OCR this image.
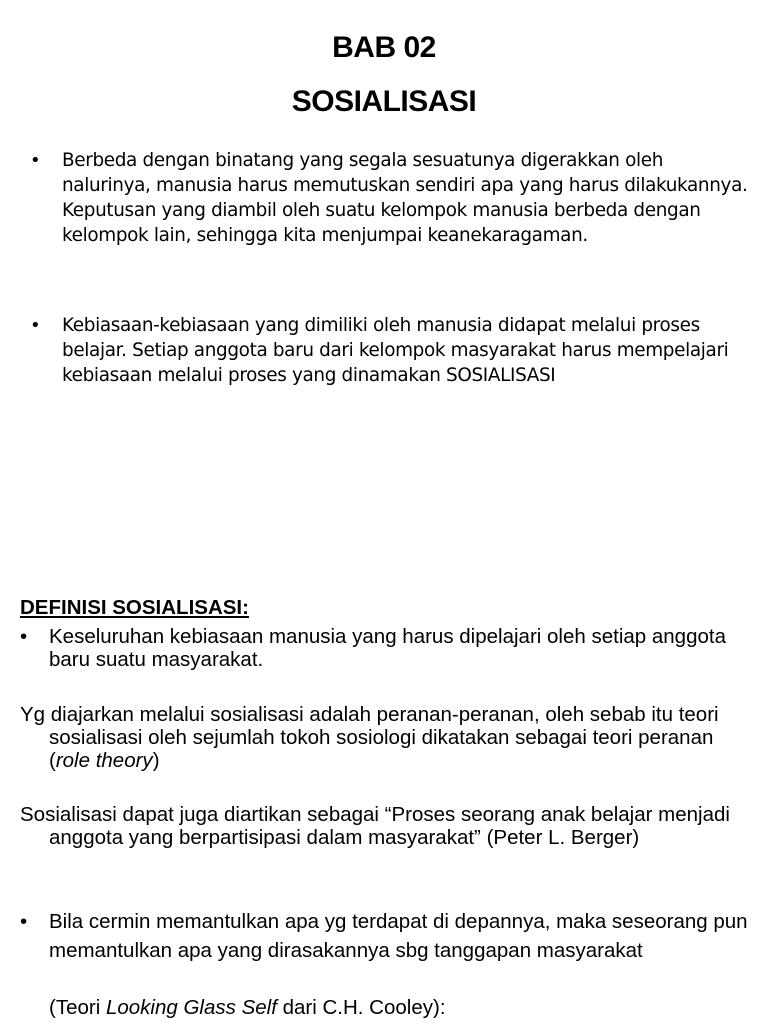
BAB 02
SOSIALISASI
• Berbeda dengan binatang yang segala sesuatunya digerakkan oleh nalurinya, manusia harus memutuskan sendiri apa yang harus dilakukannya. Keputusan yang diambil oleh suatu kelompok manusia berbeda dengan kelompok lain, sehingga kita menjumpai keanekaragaman.
• Kebiasaan-kebiasaan yang dimiliki oleh manusia didapat melalui proses belajar. Setiap anggota baru dari kelompok masyarakat harus mempelajari kebiasaan melalui proses yang dinamakan SOSIALISASI
DEFINISI SOSIALISASI:
• Keseluruhan kebiasaan manusia yang harus dipelajari oleh setiap anggota baru suatu masyarakat.
Yg diajarkan melalui sosialisasi adalah peranan-peranan, oleh sebab itu teori sosialisasi oleh sejumlah tokoh sosiologi dikatakan sebagai teori peranan (role theory)
Sosialisasi dapat juga diartikan sebagai “Proses seorang anak belajar menjadi anggota yang berpartisipasi dalam masyarakat” (Peter L. Berger)
• Bila cermin memantulkan apa yg terdapat di depannya, maka seseorang pun memantulkan apa yang dirasakannya sbg tanggapan masyarakat
(Teori Looking Glass Self dari C.H. Cooley):
